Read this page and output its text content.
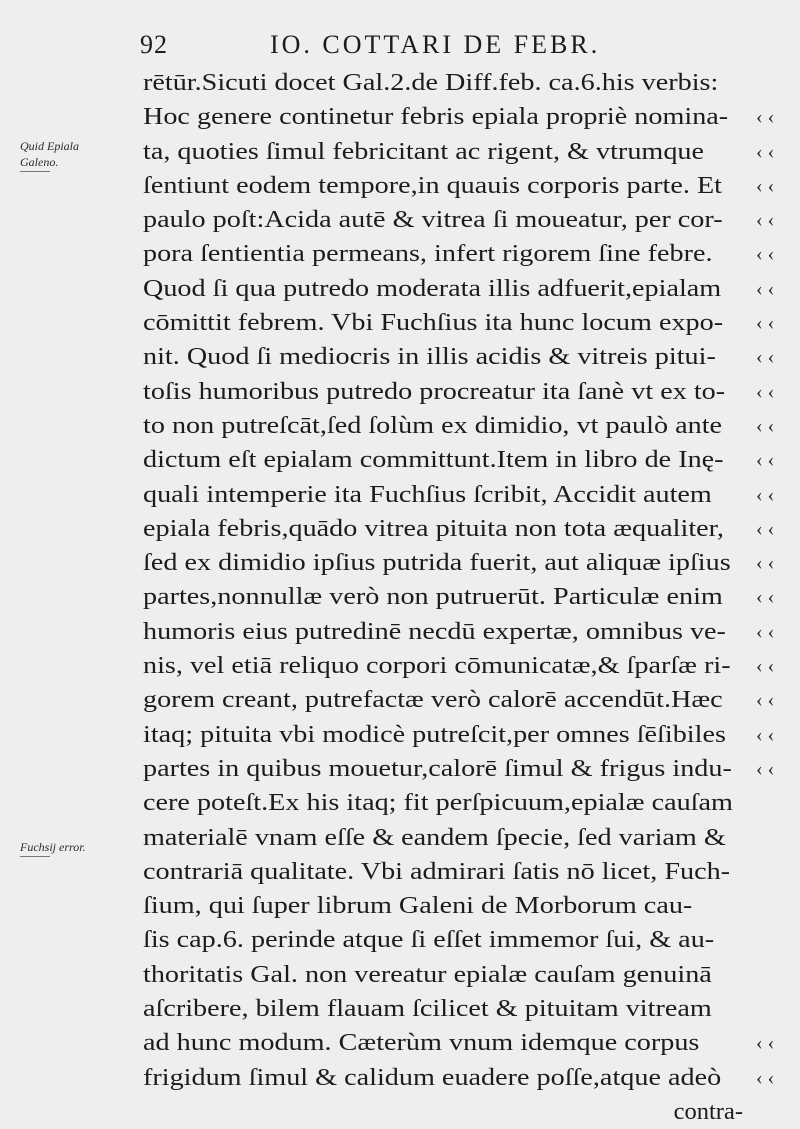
92	IO. COTTARI DE FEBR.
Quid Epiala
Galeno.
Fuchsij error.
rētūr.Sicuti docet Gal.2.de Diff.feb. ca.6.his verbis:
Hoc genere continetur febris epiala propriè nomina- ‹ ‹
ta, quoties ſimul febricitant ac rigent, & vtrumque	‹ ‹
ſentiunt eodem tempore,in quauis corporis parte. Et ‹ ‹
paulo poſt:Acida autē & vitrea ſi moueatur, per cor- ‹ ‹
pora ſentientia permeans, infert rigorem ſine febre. ‹ ‹
Quod ſi qua putredo moderata illis adfuerit,epialam ‹ ‹
cōmittit febrem. Vbi Fuchſius ita hunc locum expo- ‹ ‹
nit. Quod ſi mediocris in illis acidis & vitreis pitui- ‹ ‹
toſis humoribus putredo procreatur ita ſanè vt ex to- ‹ ‹
to non putreſcāt,ſed ſolùm ex dimidio, vt paulò ante ‹ ‹
dictum eſt epialam committunt.Item in libro de Inę- ‹ ‹
quali intemperie ita Fuchſius ſcribit, Accidit autem ‹ ‹
epiala febris,quādo vitrea pituita non tota æqualiter, ‹ ‹
ſed ex dimidio ipſius putrida fuerit, aut aliquæ ipſius ‹ ‹
partes,nonnullæ verò non putruerūt. Particulæ enim ‹ ‹
humoris eius putredinē necdū expertæ, omnibus ve- ‹ ‹
nis, vel etiā reliquo corpori cōmunicatæ,& ſparſæ ri- ‹ ‹
gorem creant, putrefactæ verò calorē accendūt.Hæc ‹ ‹
itaq; pituita vbi modicè putreſcit,per omnes ſēſibiles ‹ ‹
partes in quibus mouetur,calorē ſimul & frigus indu- ‹ ‹
cere poteſt.Ex his itaq; fit perſpicuum,epialæ cauſam
materialē vnam eſſe & eandem ſpecie, ſed variam &
contrariā qualitate. Vbi admirari ſatis nō licet, Fuch-
ſium, qui ſuper librum Galeni de Morborum cau-
ſis cap.6. perinde atque ſi eſſet immemor ſui, & au-
thoritatis Gal. non vereatur epialæ cauſam genuinā
aſcribere, bilem flauam ſcilicet & pituitam vitream
ad hunc modum. Cæterùm vnum idemque corpus	‹ ‹
frigidum ſimul & calidum euadere poſſe,atque adeò ‹ ‹
contra-
